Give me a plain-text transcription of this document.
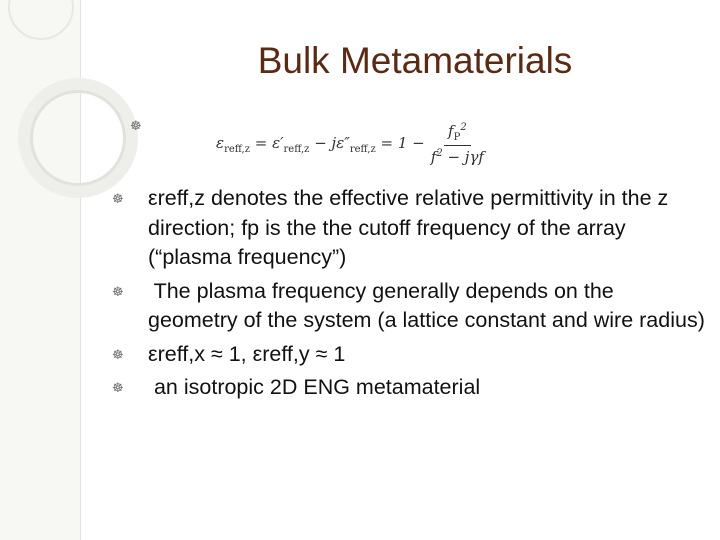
Bulk Metamaterials
☸
$\varepsilon_{reff,z} = \varepsilon'_{reff,z} - j\varepsilon''_{reff,z} = 1 - \frac{f_P^2}{f^2 - j\gamma f}$

☸ εreff,z denotes the effective relative permittivity in the z direction; fp is the the cutoff frequency of the array (“plasma frequency”)

☸ The plasma frequency generally depends on the geometry of the system (a lattice constant and wire radius)

☸ εreff,x ≈ 1, εreff,y ≈ 1

☸ an isotropic 2D ENG metamaterial
